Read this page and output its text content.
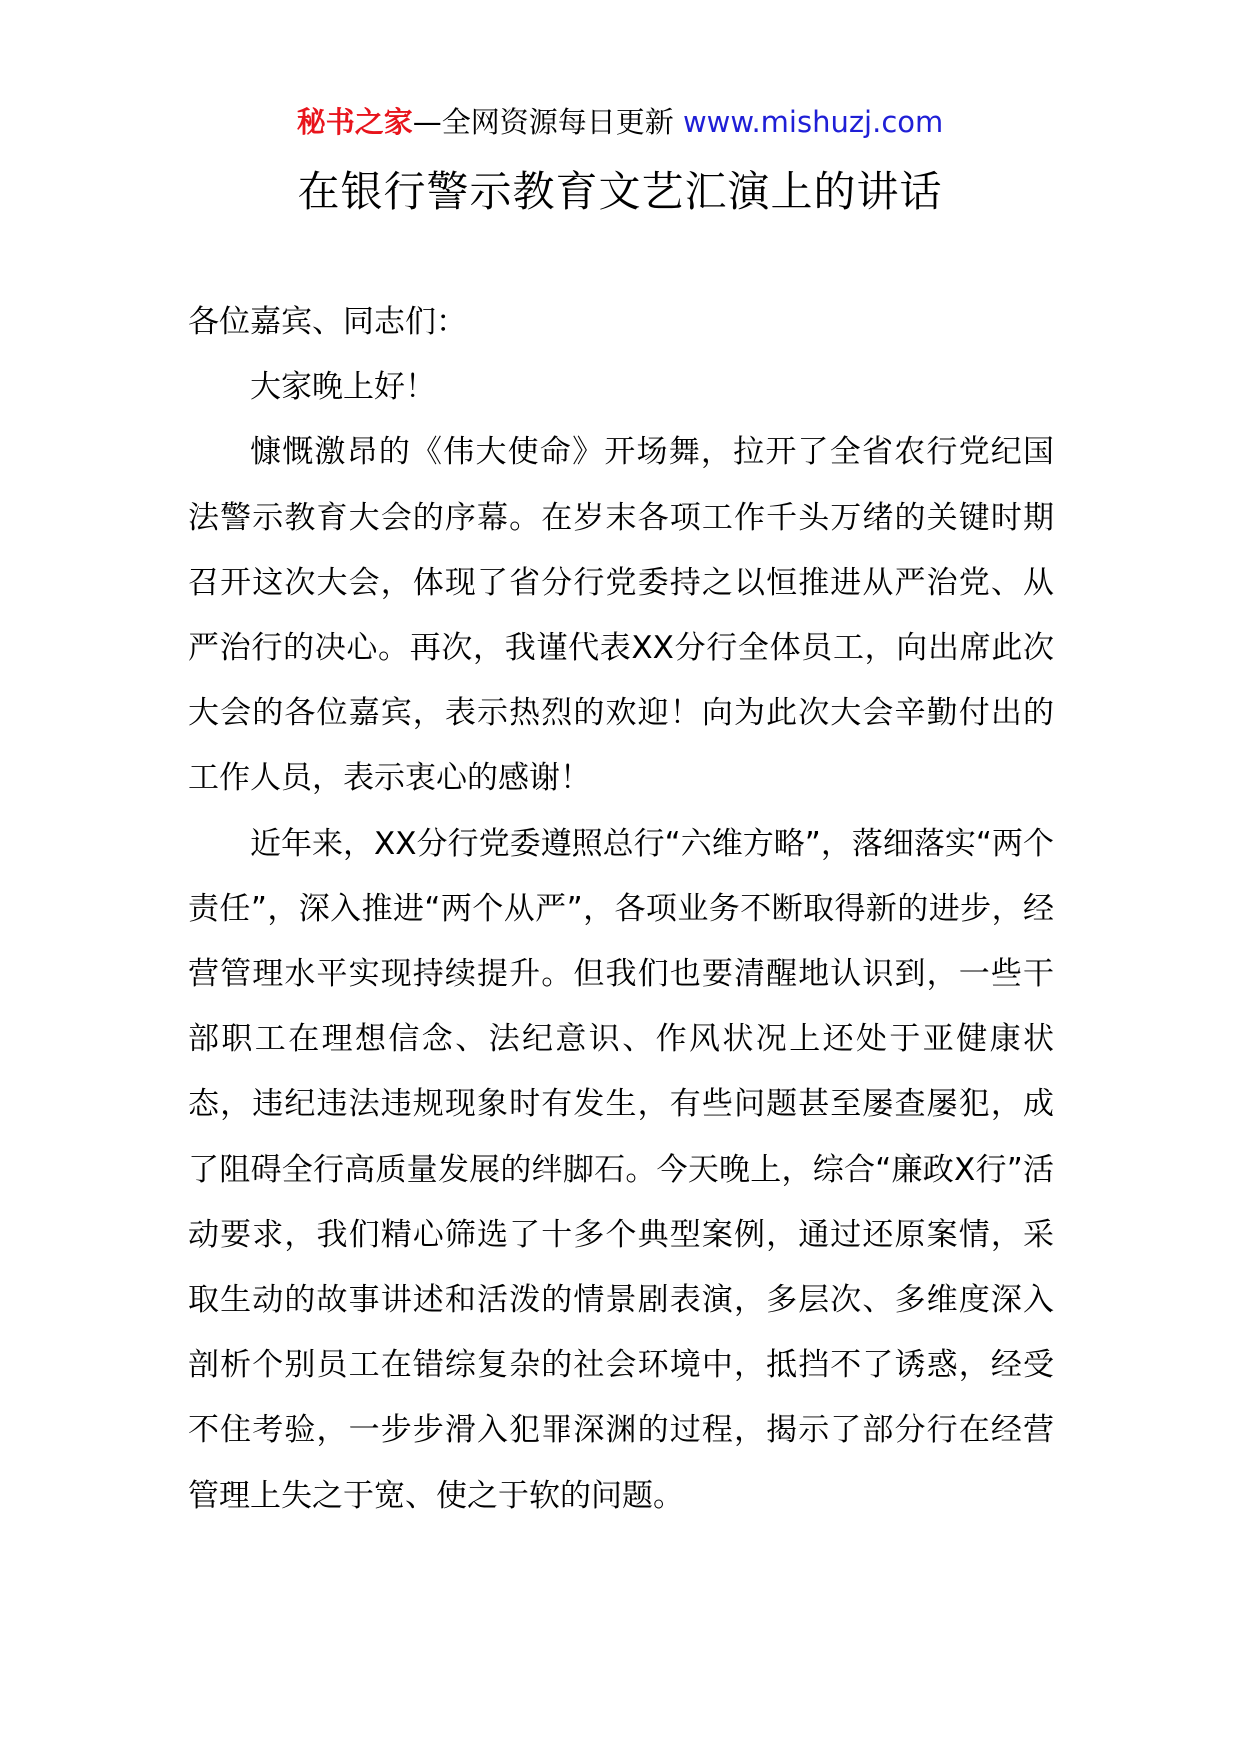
秘书之家—全网资源每日更新 www.mishuzj.com
在银行警示教育文艺汇演上的讲话

各位嘉宾、同志们：

大家晚上好！

慷慨激昂的《伟大使命》开场舞，拉开了全省农行党纪国法警示教育大会的序幕。在岁末各项工作千头万绪的关键时期召开这次大会，体现了省分行党委持之以恒推进从严治党、从严治行的决心。再次，我谨代表XX分行全体员工，向出席此次大会的各位嘉宾，表示热烈的欢迎！向为此次大会辛勤付出的工作人员，表示衷心的感谢！

近年来，XX分行党委遵照总行“六维方略”，落细落实“两个责任”，深入推进“两个从严”，各项业务不断取得新的进步，经营管理水平实现持续提升。但我们也要清醒地认识到，一些干部职工在理想信念、法纪意识、作风状况上还处于亚健康状态，违纪违法违规现象时有发生，有些问题甚至屡查屡犯，成了阻碍全行高质量发展的绊脚石。今天晚上，综合“廉政X行”活动要求，我们精心筛选了十多个典型案例，通过还原案情，采取生动的故事讲述和活泼的情景剧表演，多层次、多维度深入剖析个别员工在错综复杂的社会环境中，抵挡不了诱惑，经受不住考验，一步步滑入犯罪深渊的过程，揭示了部分行在经营管理上失之于宽、使之于软的问题。
